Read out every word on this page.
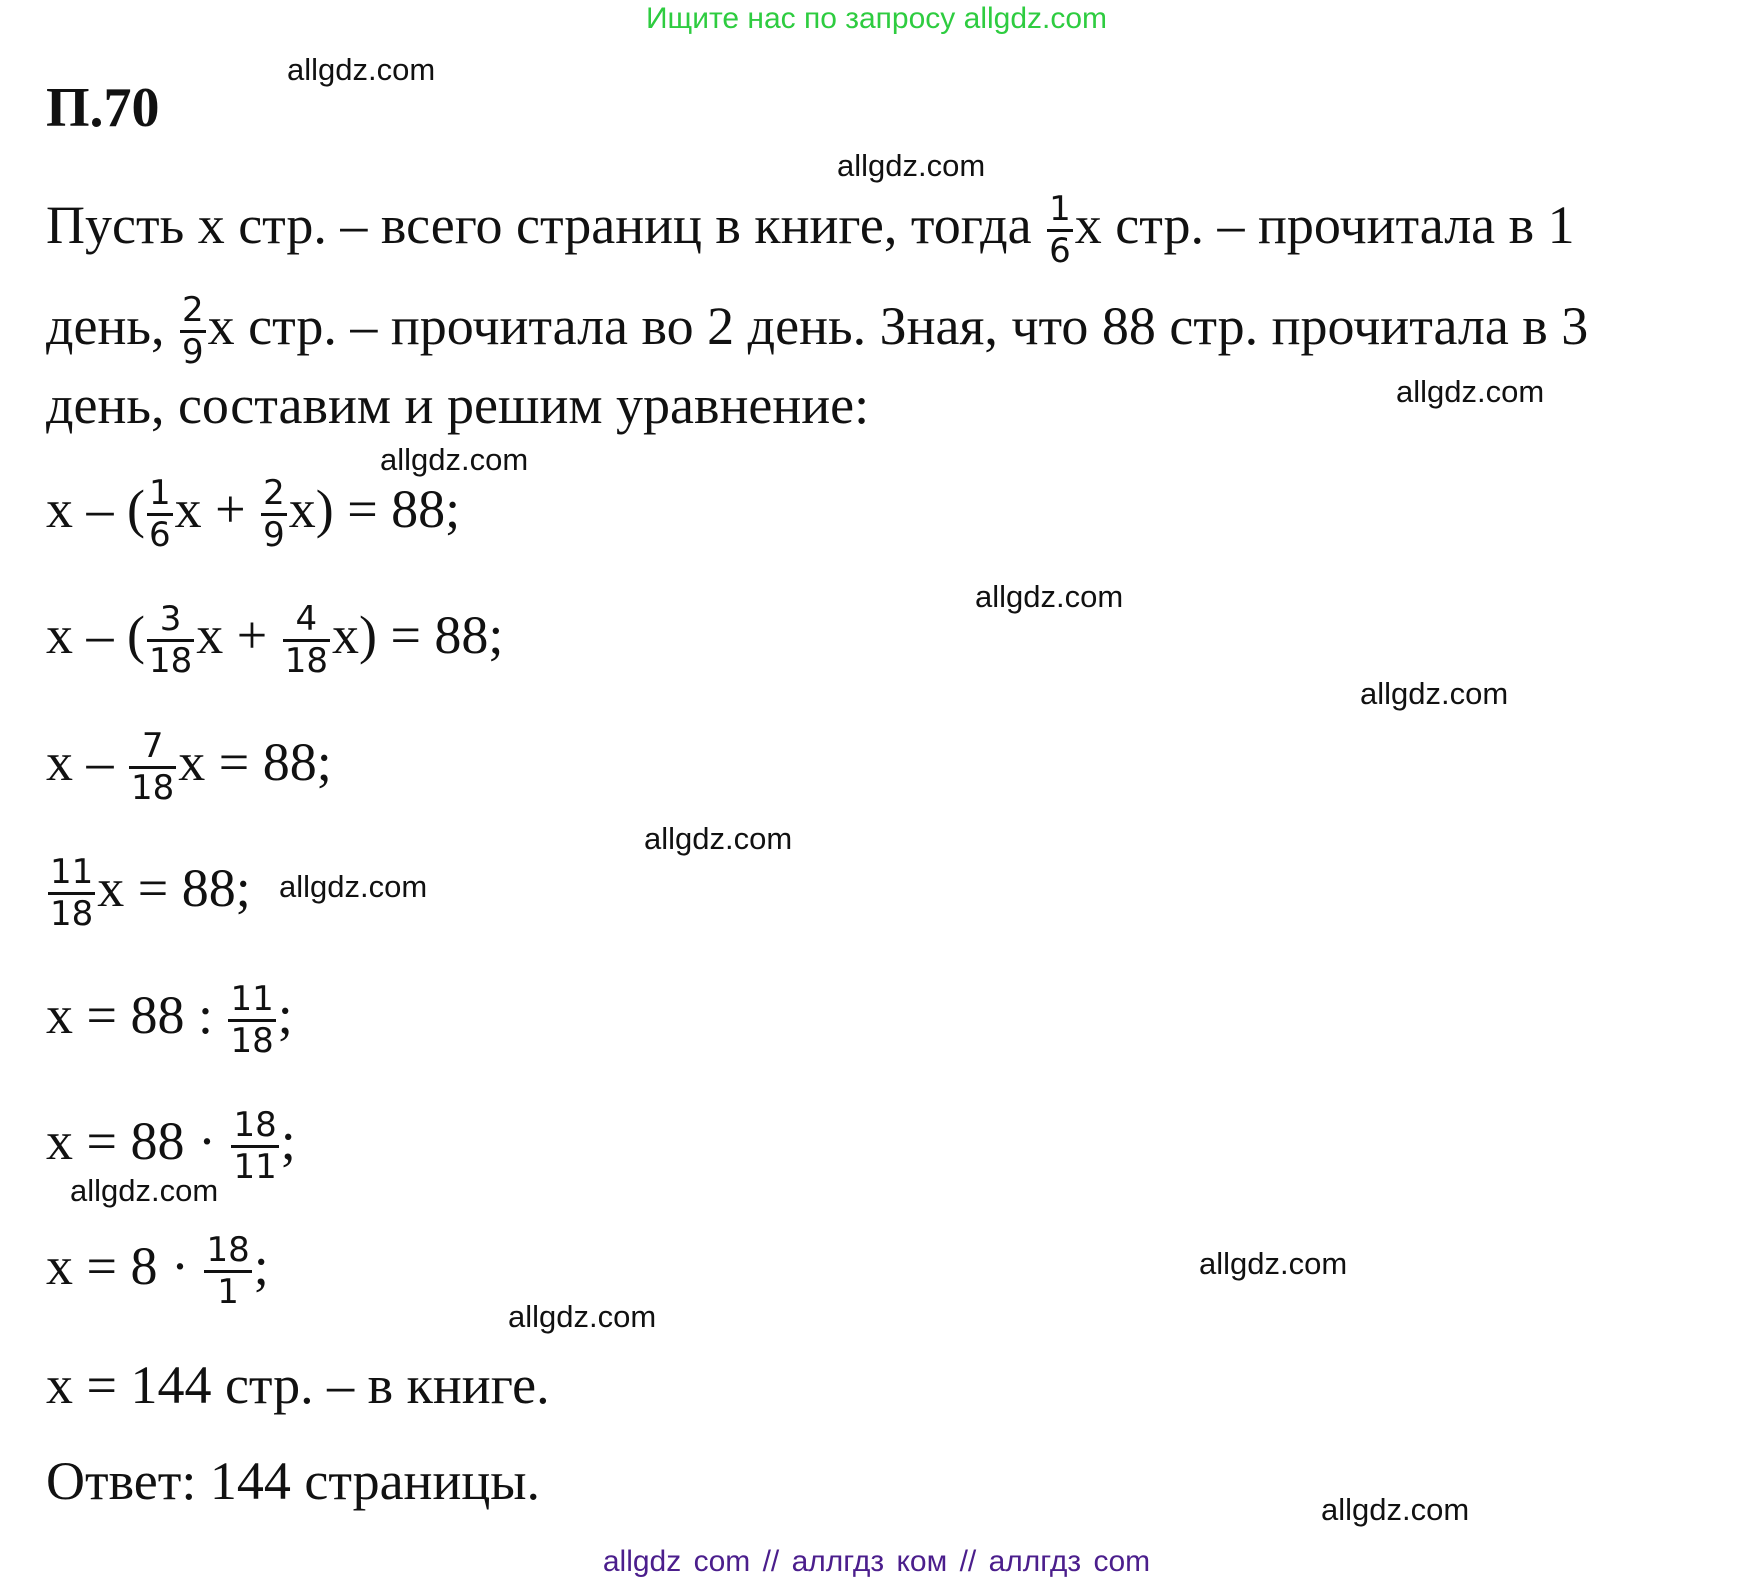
Ищите нас по запросу allgdz.com
П.70
Пусть х стр. – всего страниц в книге, тогда $\frac{1}{6}$ х стр. – прочитала в 1
день, $\frac{2}{9}$ х стр. – прочитала во 2 день. Зная, что 88 стр. прочитала в 3
день, составим и решим уравнение:
х – ( $\frac{1}{6}$ $х + \frac{2}{9} х) = 88$;
х – ( $\frac{3}{18}$ $х + \frac{4}{18} х) = 88$;
х – $\frac{7}{18}$ х = 88;
$\frac{11}{18}$ х = 88;
х = 88 : $\frac{11}{18}$ ;
$х = 88 \cdot \frac{18}{11}$ ;
$х = 8 \cdot \frac{18}{1}$ ;
х = 144 стр. – в книге.
Ответ: 144 страницы.
allgdz.com
allgdz.com
allgdz.com
allgdz.com
allgdz.com
allgdz.com
allgdz.com
allgdz.com
allgdz.com
allgdz.com
allgdz.com
allgdz.com
allgdz com // аллгдз ком // аллгдз com
